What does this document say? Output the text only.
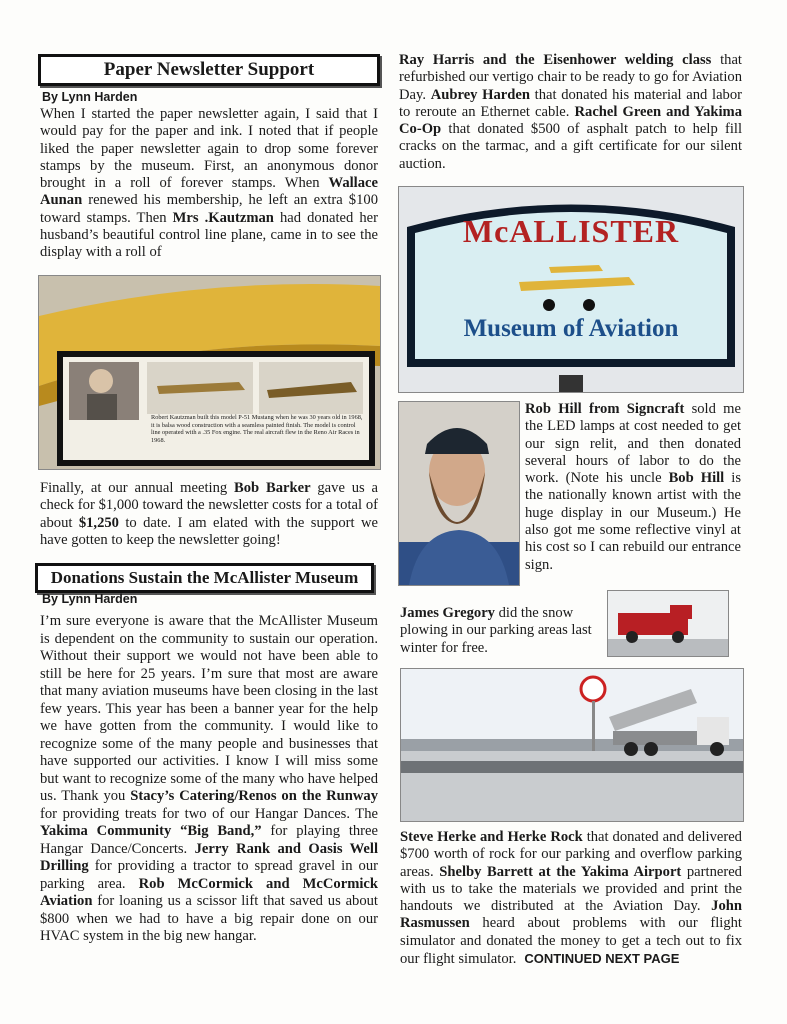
Paper Newsletter Support
By Lynn Harden
When I started the paper newsletter again, I said that I would pay for the paper and ink. I noted that if people liked the paper newsletter again to drop some forever stamps by the museum. First, an anonymous donor brought in a roll of forever stamps. When Wallace Aunan renewed his membership, he left an extra $100 toward stamps. Then Mrs .Kautzman had donated her husband’s beautiful control line plane, came in to see the display with a roll of
Robert Kautzman built this model P-51 Mustang when he was 30 years old in 1968, it is balsa wood construction with a seamless painted finish. The model is control line operated with a .35 Fox engine. The real aircraft flew in the Reno Air Races in 1968.
Finally, at our annual meeting Bob Barker gave us a check for $1,000 toward the newsletter costs for a total of about $1,250 to date. I am elated with the support we have gotten to keep the newsletter going!
Donations Sustain the McAllister Museum
By Lynn Harden
I’m sure everyone is aware that the McAllister Museum is dependent on the community to sustain our operation. Without their support we would not have been able to still be here for 25 years. I’m sure that most are aware that many aviation museums have been closing in the last few years. This year has been a banner year for the help we have gotten from the community. I would like to recognize some of the many people and businesses that have supported our activities. I know I will miss some but want to recognize some of the many who have helped us. Thank you Stacy’s Catering/Renos on the Runway for providing treats for two of our Hangar Dances. The Yakima Community “Big Band,” for playing three Hangar Dance/Concerts. Jerry Rank and Oasis Well Drilling for providing a tractor to spread gravel in our parking area. Rob McCormick and McCormick Aviation for loaning us a scissor lift that saved us about $800 when we had to have a big repair done on our HVAC system in the big new hangar.
Ray Harris and the Eisenhower welding class that refurbished our vertigo chair to be ready to go for Aviation Day. Aubrey Harden that donated his material and labor to reroute an Ethernet cable. Rachel Green and Yakima Co-Op that donated $500 of asphalt patch to help fill cracks on the tarmac, and a gift certificate for our silent auction.
McALLISTER
Museum of Aviation
Rob Hill from Signcraft sold me the LED lamps at cost needed to get our sign relit, and then donated several hours of labor to do the work. (Note his uncle Bob Hill is the nationally known artist with the huge display in our Museum.) He also got me some reflective vinyl at his cost so I can rebuild our entrance sign.
James Gregory did the snow plowing in our parking areas last winter for free.
Steve Herke and Herke Rock that donated and delivered $700 worth of rock for our parking and overflow parking areas. Shelby Barrett at the Yakima Airport partnered with us to take the materials we provided and print the handouts we distributed at the Aviation Day. John Rasmussen heard about problems with our flight simulator and donated the money to get a tech out to fix our flight simulator. CONTINUED NEXT PAGE
